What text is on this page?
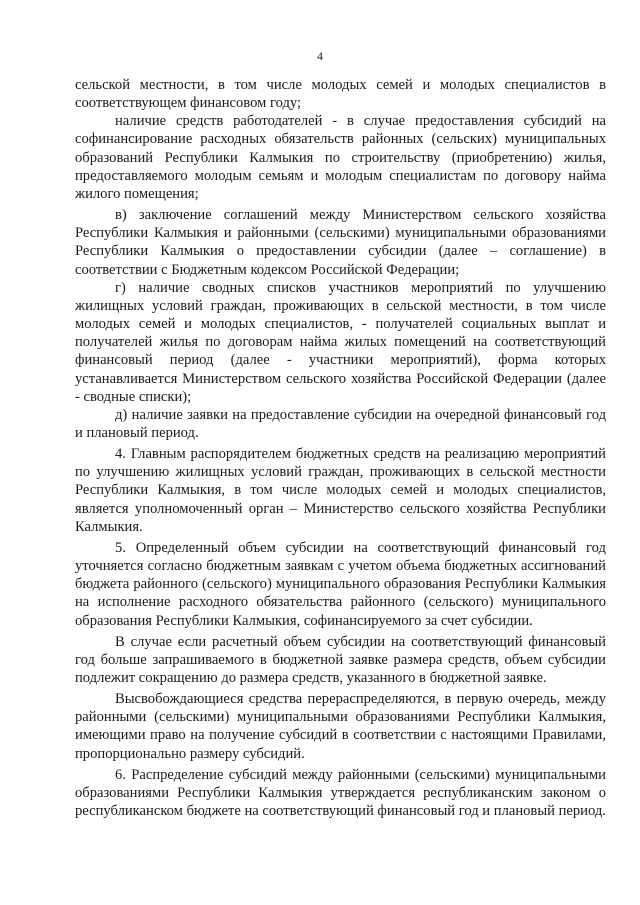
4

сельской местности, в том числе молодых семей и молодых специалистов в соответствующем финансовом году;

наличие средств работодателей - в случае предоставления субсидий на софинансирование расходных обязательств районных (сельских) муниципальных образований Республики Калмыкия по строительству (приобретению) жилья, предоставляемого молодым семьям и молодым специалистам по договору найма жилого помещения;

в) заключение соглашений между Министерством сельского хозяйства Республики Калмыкия и районными (сельскими) муниципальными образованиями Республики Калмыкия о предоставлении субсидии (далее – соглашение) в соответствии с Бюджетным кодексом Российской Федерации;

г) наличие сводных списков участников мероприятий по улучшению жилищных условий граждан, проживающих в сельской местности, в том числе молодых семей и молодых специалистов, - получателей социальных выплат и получателей жилья по договорам найма жилых помещений на соответствующий финансовый период (далее - участники мероприятий), форма которых устанавливается Министерством сельского хозяйства Российской Федерации (далее - сводные списки);

д) наличие заявки на предоставление субсидии на очередной финансовый год и плановый период.

4. Главным распорядителем бюджетных средств на реализацию мероприятий по улучшению жилищных условий граждан, проживающих в сельской местности Республики Калмыкия, в том числе молодых семей и молодых специалистов, является уполномоченный орган – Министерство сельского хозяйства Республики Калмыкия.

5. Определенный объем субсидии на соответствующий финансовый год уточняется согласно бюджетным заявкам с учетом объема бюджетных ассигнований бюджета районного (сельского) муниципального образования Республики Калмыкия на исполнение расходного обязательства районного (сельского) муниципального образования Республики Калмыкия, софинансируемого за счет субсидии.

В случае если расчетный объем субсидии на соответствующий финансовый год больше запрашиваемого в бюджетной заявке размера средств, объем субсидии подлежит сокращению до размера средств, указанного в бюджетной заявке.

Высвобождающиеся средства перераспределяются, в первую очередь, между районными (сельскими) муниципальными образованиями Республики Калмыкия, имеющими право на получение субсидий в соответствии с настоящими Правилами, пропорционально размеру субсидий.

6. Распределение субсидий между районными (сельскими) муниципальными образованиями Республики Калмыкия утверждается республиканским законом о республиканском бюджете на соответствующий финансовый год и плановый период.
